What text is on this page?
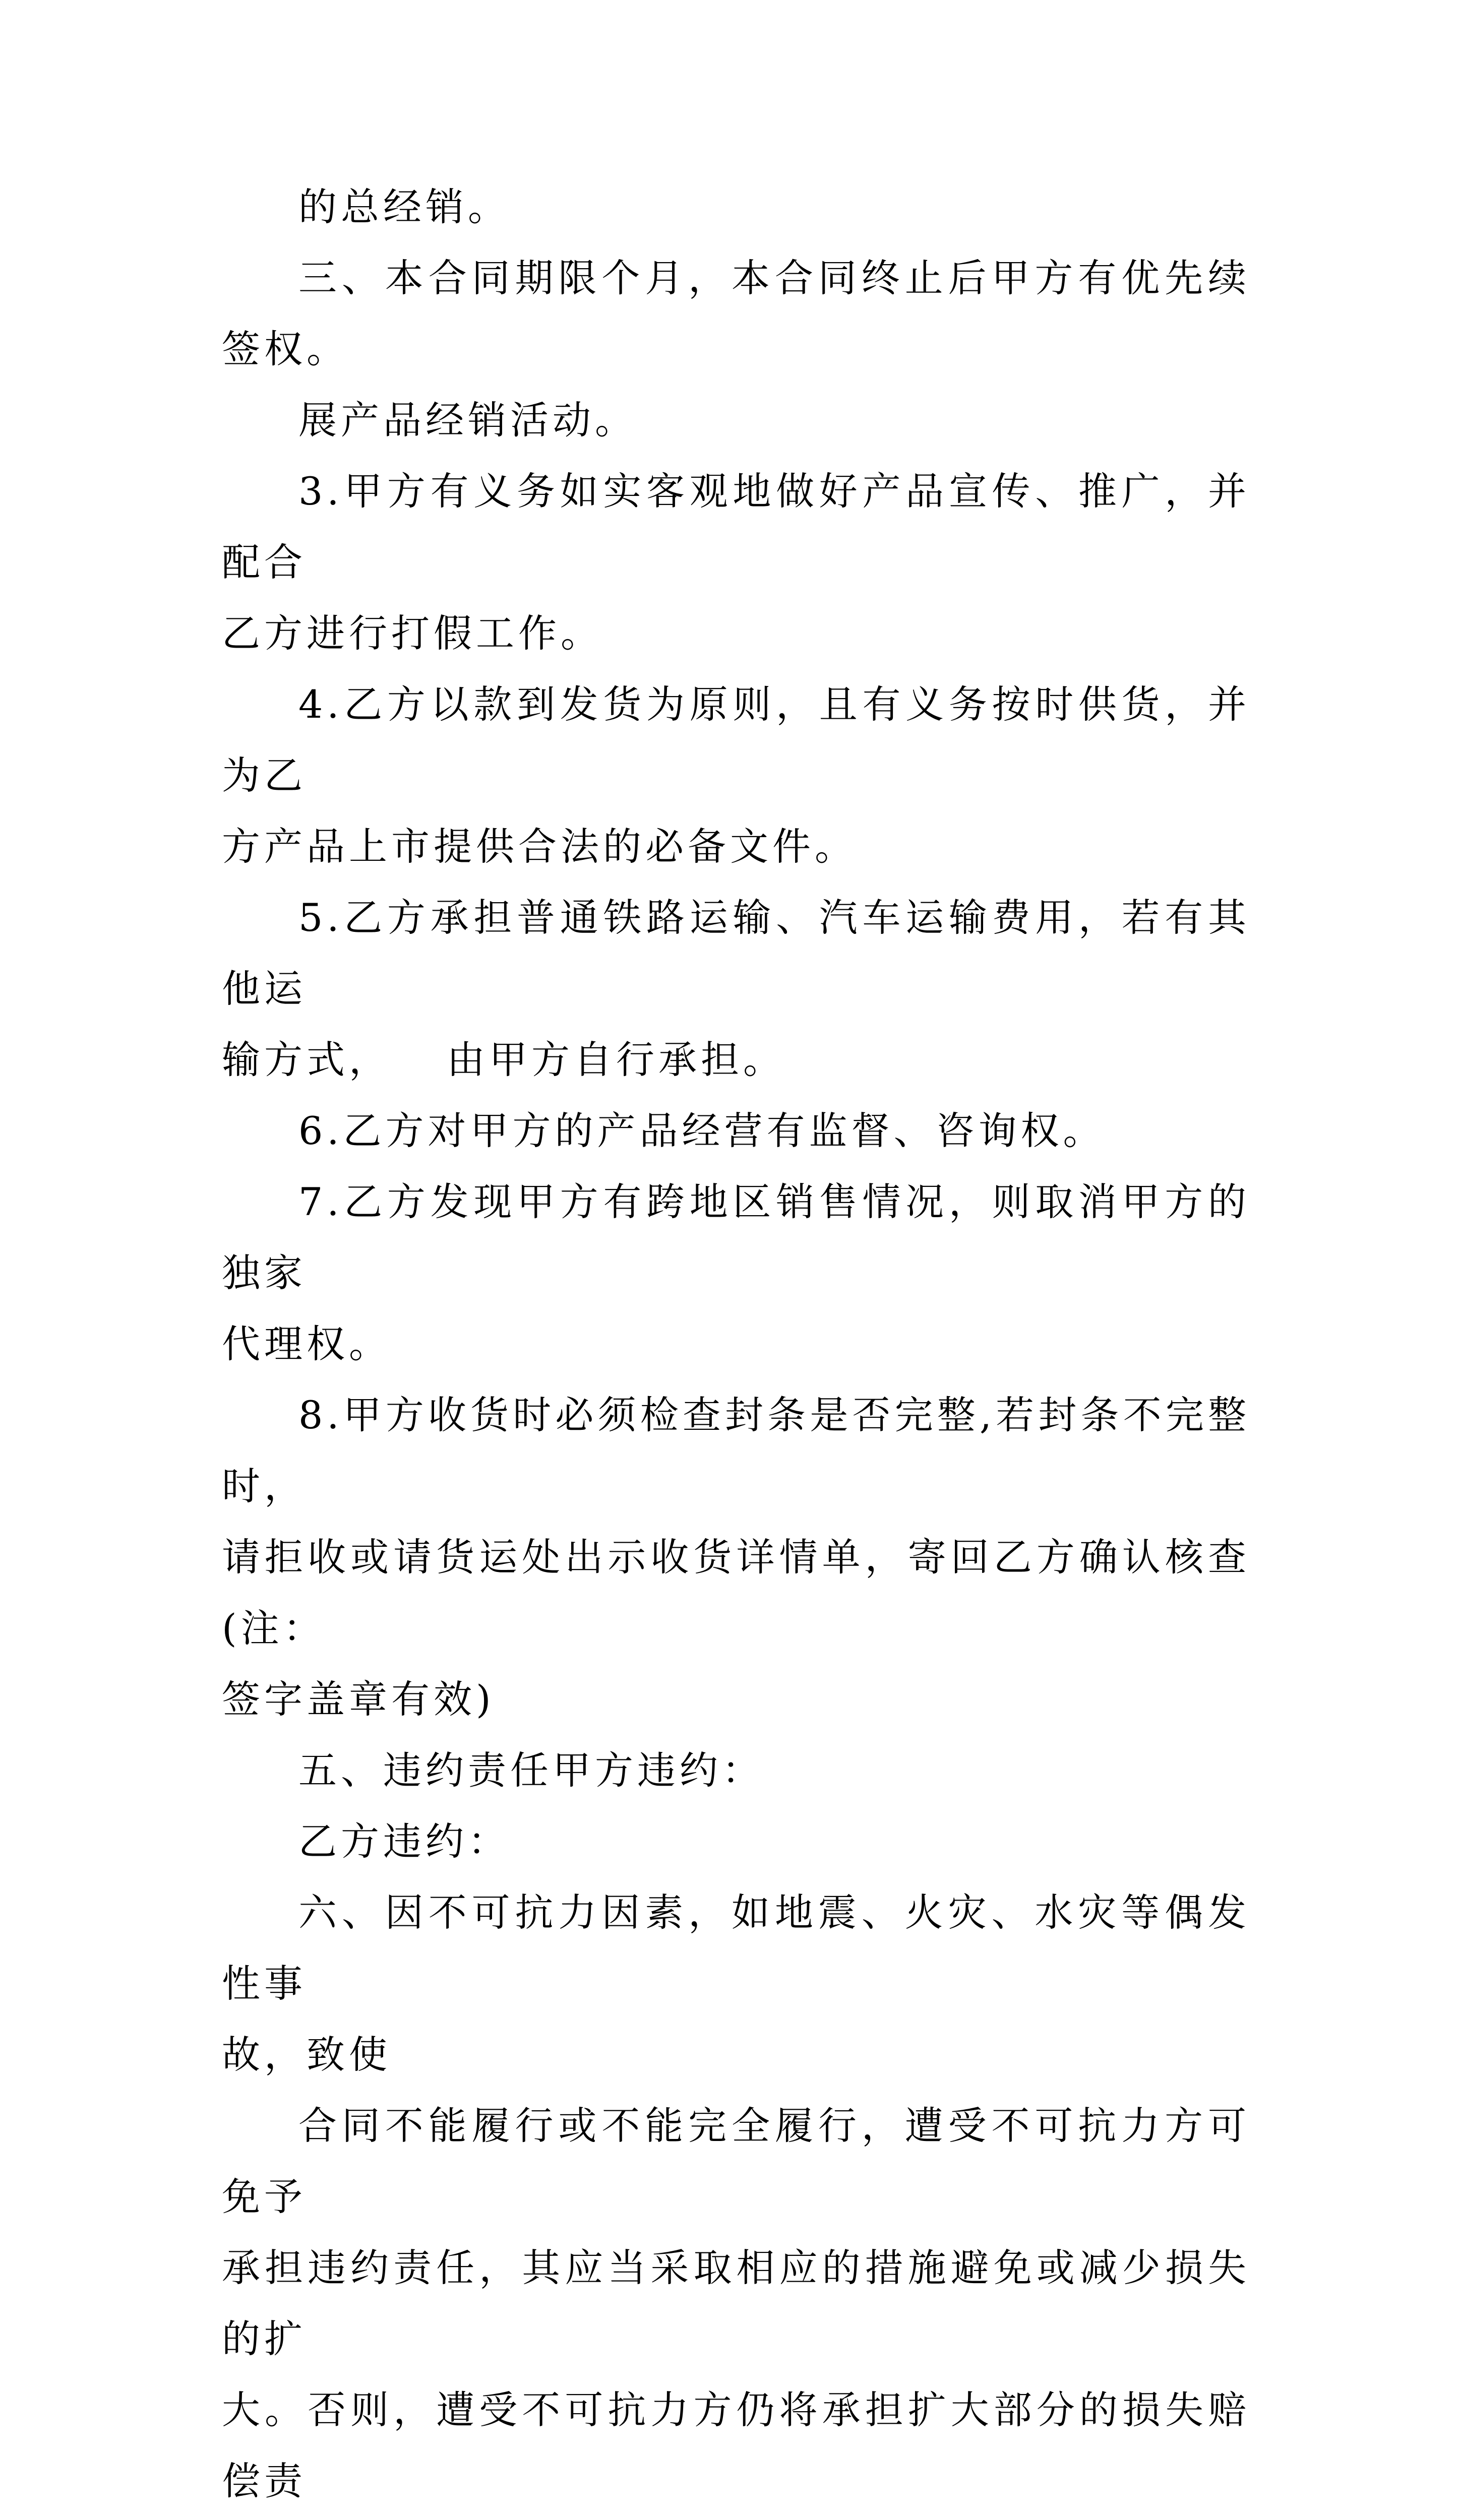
的总经销。

三、本合同期限个月，本合同终止后甲方有优先续签权。

展产品经销活动。

3.甲方有义务如实客观地做好产品宣传、推广，并配合
乙方进行打假工作。

4.乙方以款到发货为原则，且有义务按时供货，并为乙
方产品上市提供合法的必备文件。

5.乙方承担普通铁路运输、汽车运输费用，若有其他运
输方式， 由甲方自行承担。

6.乙方对甲方的产品经营有监督、咨询权。

7.乙方发现甲方有跨地区销售情况，则取消甲方的独家
代理权。

8.甲方收货时必须检查封条是否完整,若封条不完整时，
请拒收或请货运处出示收货详情单，寄回乙方确认核查(注：
签字盖章有效)

五、违约责任甲方违约：

乙方违约：

六、因不可抗力因素，如地震、火灾、水灾等偶发性事
故，致使

合同不能履行或不能完全履行，遭受不可抗力方可免予
承担违约责任，其应当采取相应的措施避免或减少损失的扩
大。否则，遭受不可抗力方仍将承担扩大部分的损失赔偿责
